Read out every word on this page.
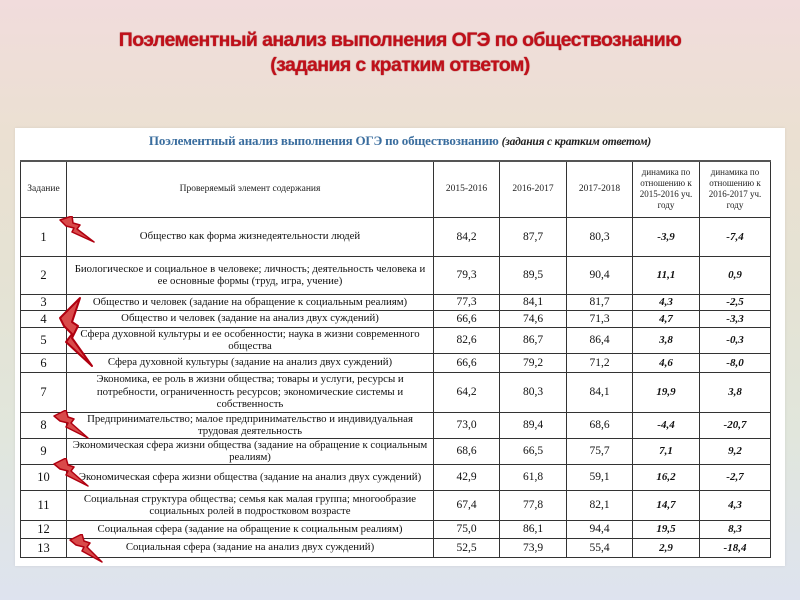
Поэлементный анализ выполнения ОГЭ по обществознанию
(задания с кратким ответом)
Поэлементный анализ выполнения ОГЭ по обществознанию (задания с кратким ответом)
Задание	Проверяемый элемент содержания	2015-2016	2016-2017	2017-2018	динамика по отношению к 2015-2016 уч. году	динамика по отношению к 2016-2017 уч. году
1	Общество как форма жизнедеятельности людей	84,2	87,7	80,3	-3,9	-7,4
2	Биологическое и социальное в человеке; личность; деятельность человека и ее основные формы (труд, игра, учение)	79,3	89,5	90,4	11,1	0,9
3	Общество и человек (задание на обращение к социальным реалиям)	77,3	84,1	81,7	4,3	-2,5
4	Общество и человек (задание на анализ двух суждений)	66,6	74,6	71,3	4,7	-3,3
5	Сфера духовной культуры и ее особенности; наука в жизни современного общества	82,6	86,7	86,4	3,8	-0,3
6	Сфера духовной культуры (задание на анализ двух суждений)	66,6	79,2	71,2	4,6	-8,0
7	Экономика, ее роль в жизни общества; товары и услуги, ресурсы и потребности, ограниченность ресурсов; экономические системы и собственность	64,2	80,3	84,1	19,9	3,8
8	Предпринимательство; малое предпринимательство и индивидуальная трудовая деятельность	73,0	89,4	68,6	-4,4	-20,7
9	Экономическая сфера жизни общества (задание на обращение к социальным реалиям)	68,6	66,5	75,7	7,1	9,2
10	Экономическая сфера жизни общества (задание на анализ двух суждений)	42,9	61,8	59,1	16,2	-2,7
11	Социальная структура общества; семья как малая группа; многообразие социальных ролей в подростковом возрасте	67,4	77,8	82,1	14,7	4,3
12	Социальная сфера (задание на обращение к социальным реалиям)	75,0	86,1	94,4	19,5	8,3
13	Социальная сфера (задание на анализ двух суждений)	52,5	73,9	55,4	2,9	-18,4
